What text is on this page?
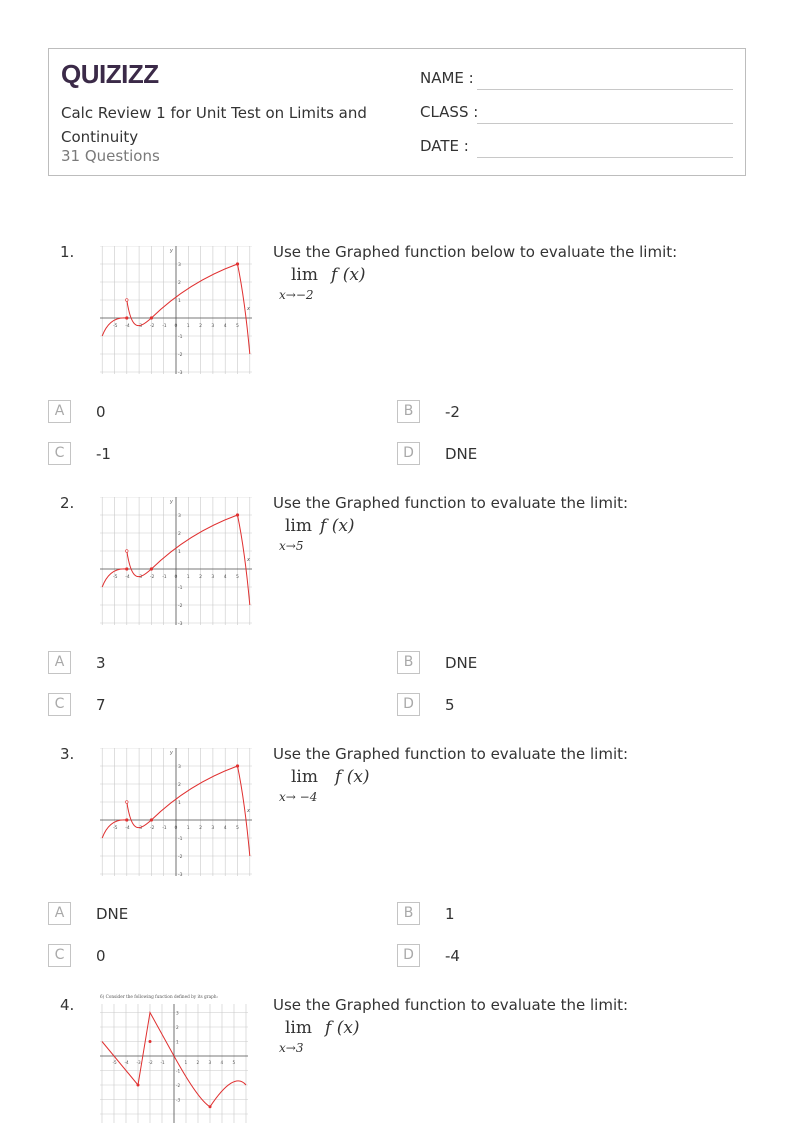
QUIZIZZ
Calc Review 1 for Unit Test on Limits and Continuity
31 Questions
NAME :
CLASS :
DATE :
1.
-5 -4 -3 -2 -1 0 1 2 3 4 5
3
2
1
-1
-2
-3
y
x
Use the Graphed function below to evaluate the limit:
lim f (x)
x→−2
A	0	B	-2
C	-1	D	DNE
2.
-5 -4 -3 -2 -1 0 1 2 3 4 5
3
2
1
-1
-2
-3
y
x
Use the Graphed function to evaluate the limit:
lim f (x)
x→5
A	3	B	DNE
C	7	D	5
3.
-5 -4 -3 -2 -1 0 1 2 3 4 5
3
2
1
-1
-2
-3
y
x
Use the Graphed function to evaluate the limit:
lim f (x)
x→ −4
A	DNE	B	1
C	0	D	-4
4.	6) Consider the following function defined by its graph:
-5 -4 -3 -2 -1	1 2 3 4 5
3
2
1
-1
-2
-3
Use the Graphed function to evaluate the limit:
lim f (x)
x→3
